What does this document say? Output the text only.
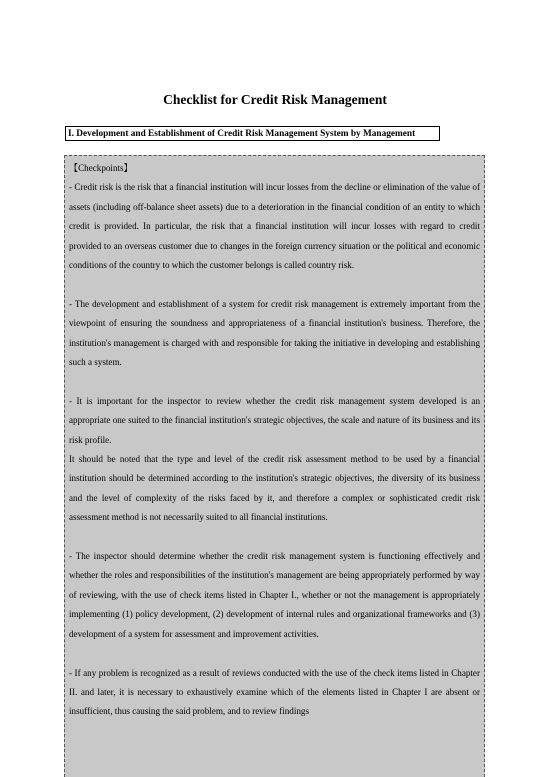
Checklist for Credit Risk Management
I. Development and Establishment of Credit Risk Management System by Management
【Checkpoints】

- Credit risk is the risk that a financial institution will incur losses from the decline or elimination of the value of assets (including off-balance sheet assets) due to a deterioration in the financial condition of an entity to which credit is provided. In particular, the risk that a financial institution will incur losses with regard to credit provided to an overseas customer due to changes in the foreign currency situation or the political and economic conditions of the country to which the customer belongs is called country risk.

- The development and establishment of a system for credit risk management is extremely important from the viewpoint of ensuring the soundness and appropriateness of a financial institution's business. Therefore, the institution's management is charged with and responsible for taking the initiative in developing and establishing such a system.

- It is important for the inspector to review whether the credit risk management system developed is an appropriate one suited to the financial institution's strategic objectives, the scale and nature of its business and its risk profile.

It should be noted that the type and level of the credit risk assessment method to be used by a financial institution should be determined according to the institution's strategic objectives, the diversity of its business and the level of complexity of the risks faced by it, and therefore a complex or sophisticated credit risk assessment method is not necessarily suited to all financial institutions.

- The inspector should determine whether the credit risk management system is functioning effectively and whether the roles and responsibilities of the institution's management are being appropriately performed by way of reviewing, with the use of check items listed in Chapter I., whether or not the management is appropriately implementing (1) policy development, (2) development of internal rules and organizational frameworks and (3) development of a system for assessment and improvement activities.

- If any problem is recognized as a result of reviews conducted with the use of the check items listed in Chapter II. and later, it is necessary to exhaustively examine which of the elements listed in Chapter I are absent or insufficient, thus causing the said problem, and to review findings
